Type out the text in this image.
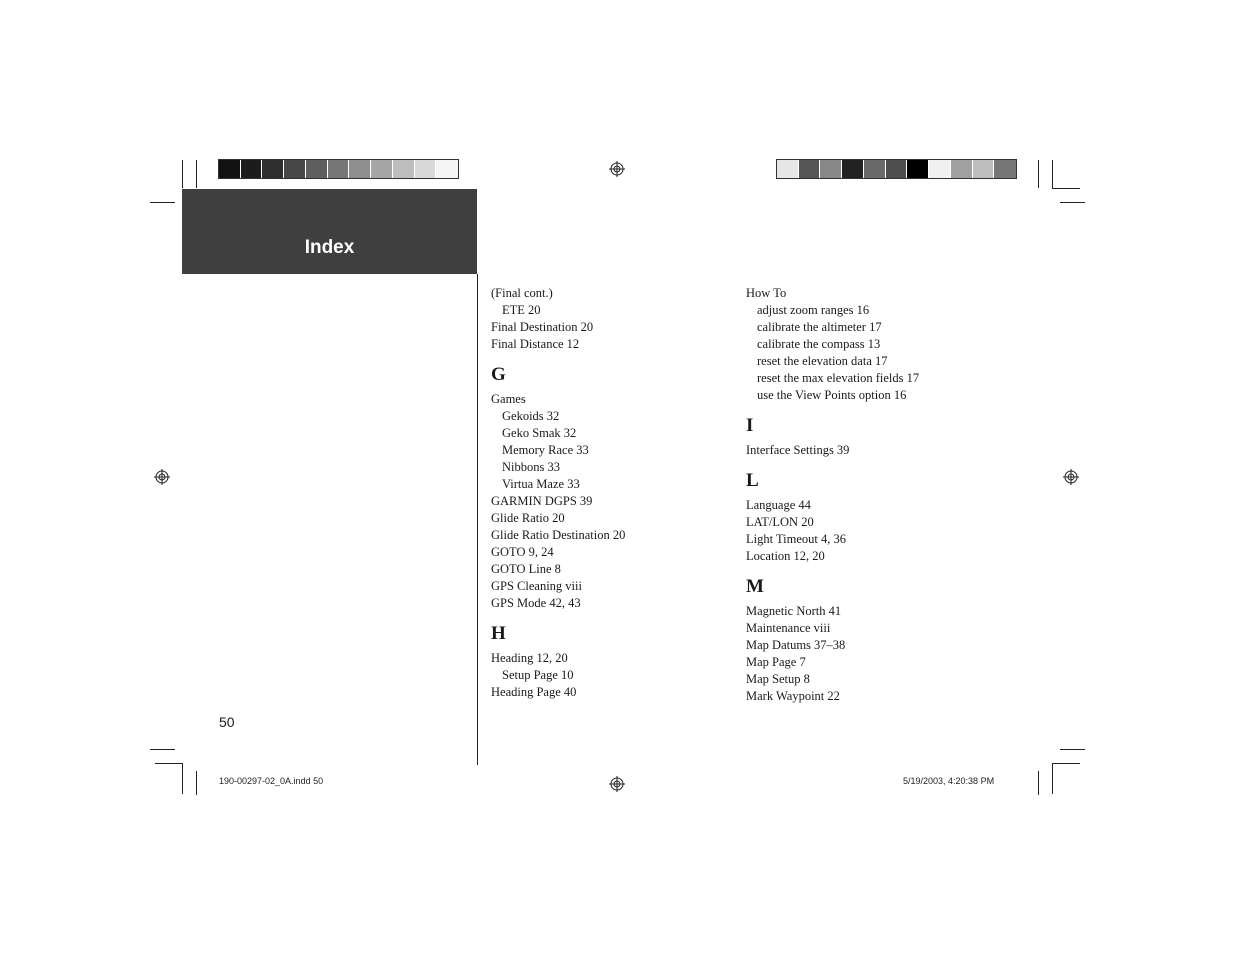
Index
(Final cont.)
ETE 20
Final Destination 20
Final Distance 12
G
Games
Gekoids 32
Geko Smak 32
Memory Race 33
Nibbons 33
Virtua Maze 33
GARMIN DGPS 39
Glide Ratio 20
Glide Ratio Destination 20
GOTO 9, 24
GOTO Line 8
GPS Cleaning viii
GPS Mode 42, 43
H
Heading 12, 20
Setup Page 10
Heading Page 40
How To
adjust zoom ranges 16
calibrate the altimeter 17
calibrate the compass 13
reset the elevation data 17
reset the max elevation fields 17
use the View Points option 16
I
Interface Settings 39
L
Language 44
LAT/LON 20
Light Timeout 4, 36
Location 12, 20
M
Magnetic North 41
Maintenance viii
Map Datums 37–38
Map Page 7
Map Setup 8
Mark Waypoint 22
50
190-00297-02_0A.indd 50	5/19/2003, 4:20:38 PM
